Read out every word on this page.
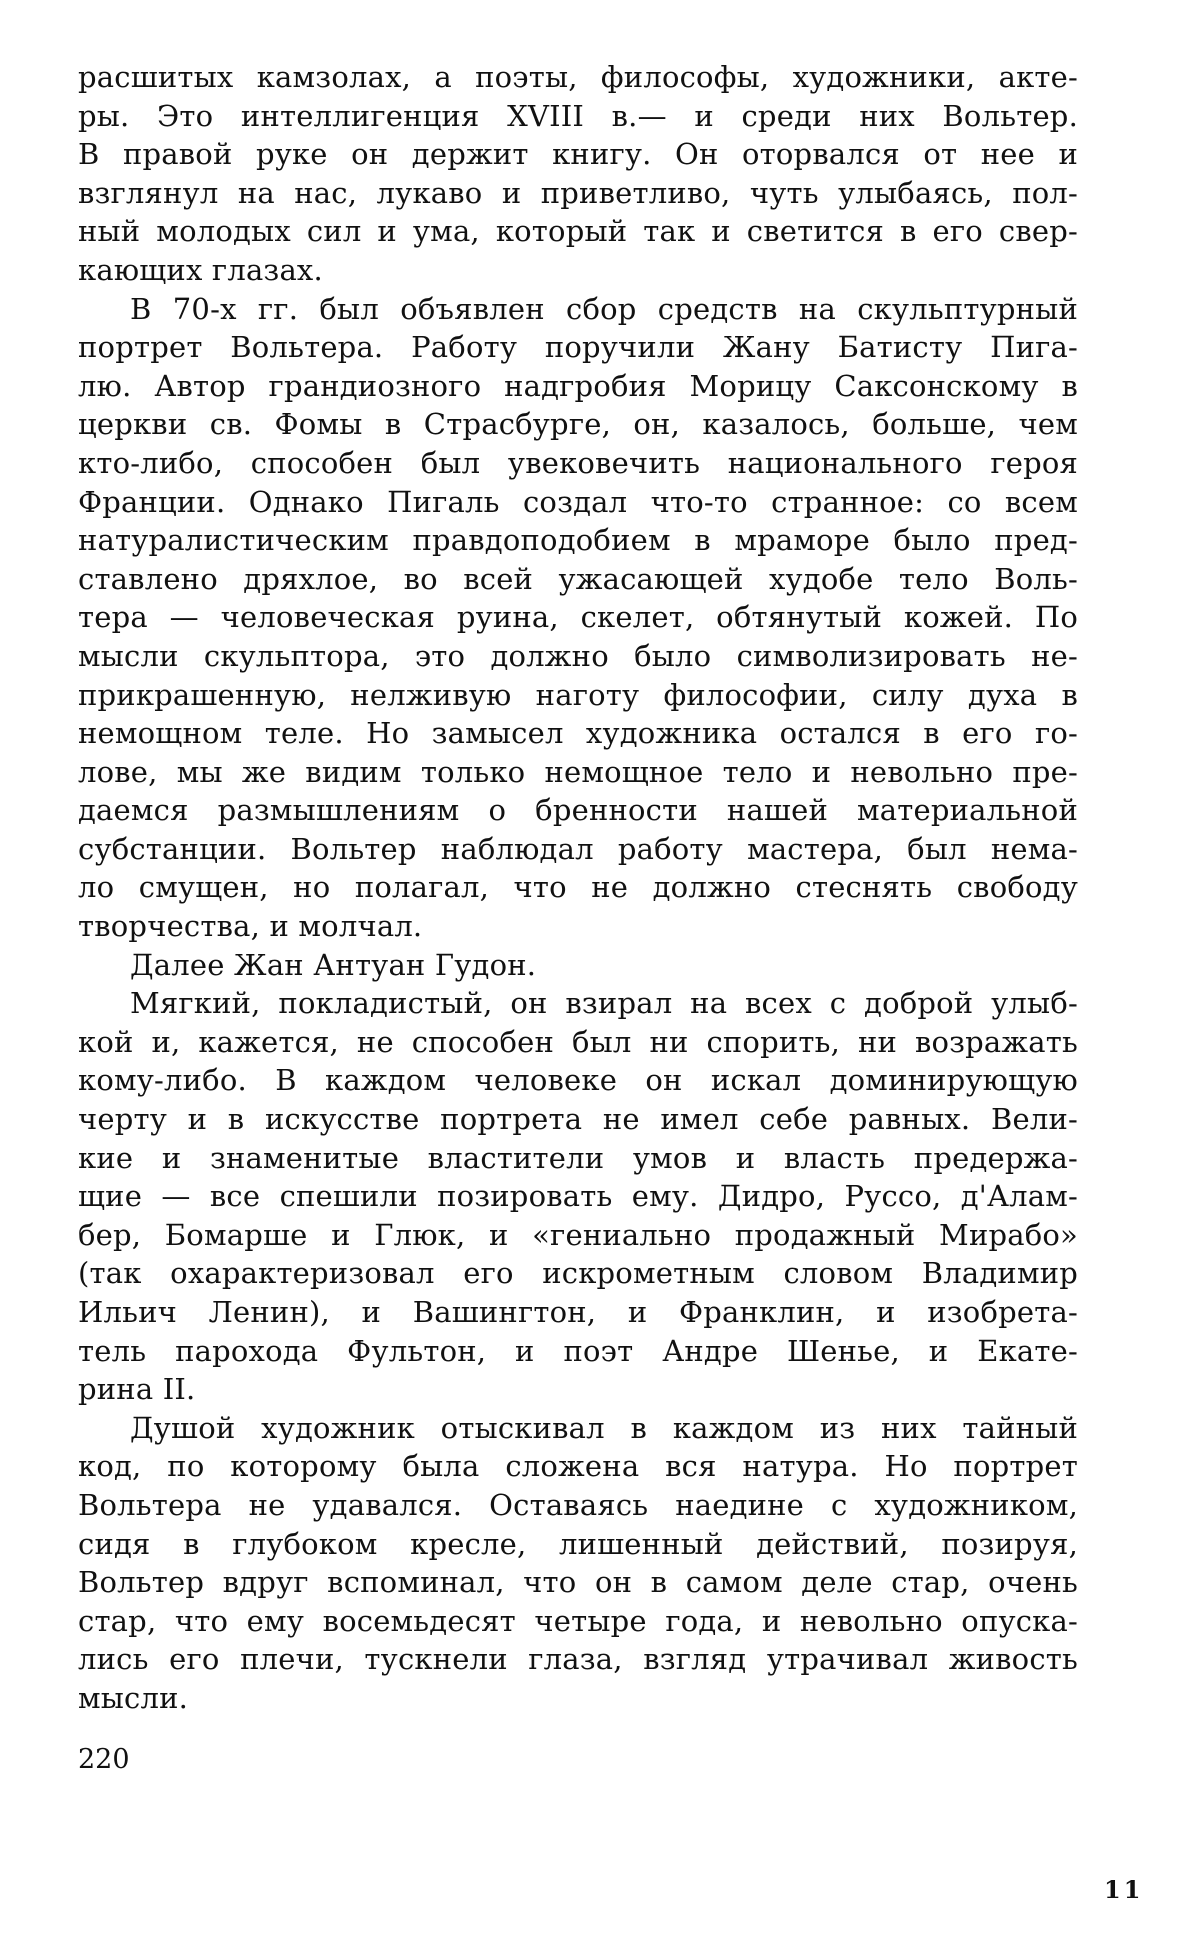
расшитых камзолах, а поэты, философы, художники, акте-
ры. Это интеллигенция XVIII в.— и среди них Вольтер.
В правой руке он держит книгу. Он оторвался от нее и
взглянул на нас, лукаво и приветливо, чуть улыбаясь, пол-
ный молодых сил и ума, который так и светится в его свер-
кающих глазах.
В 70-х гг. был объявлен сбор средств на скульптурный
портрет Вольтера. Работу поручили Жану Батисту Пига-
лю. Автор грандиозного надгробия Морицу Саксонскому в
церкви св. Фомы в Страсбурге, он, казалось, больше, чем
кто-либо, способен был увековечить национального героя
Франции. Однако Пигаль создал что-то странное: со всем
натуралистическим правдоподобием в мраморе было пред-
ставлено дряхлое, во всей ужасающей худобе тело Воль-
тера — человеческая руина, скелет, обтянутый кожей. По
мысли скульптора, это должно было символизировать не-
прикрашенную, нелживую наготу философии, силу духа в
немощном теле. Но замысел художника остался в его го-
лове, мы же видим только немощное тело и невольно пре-
даемся размышлениям о бренности нашей материальной
субстанции. Вольтер наблюдал работу мастера, был нема-
ло смущен, но полагал, что не должно стеснять свободу
творчества, и молчал.
Далее Жан Антуан Гудон.
Мягкий, покладистый, он взирал на всех с доброй улыб-
кой и, кажется, не способен был ни спорить, ни возражать
кому-либо. В каждом человеке он искал доминирующую
черту и в искусстве портрета не имел себе равных. Вели-
кие и знаменитые властители умов и власть предержа-
щие — все спешили позировать ему. Дидро, Руссо, д'Алам-
бер, Бомарше и Глюк, и «гениально продажный Мирабо»
(так охарактеризовал его искрометным словом Владимир
Ильич Ленин), и Вашингтон, и Франклин, и изобрета-
тель парохода Фультон, и поэт Андре Шенье, и Екате-
рина II.
Душой художник отыскивал в каждом из них тайный
код, по которому была сложена вся натура. Но портрет
Вольтера не удавался. Оставаясь наедине с художником,
сидя в глубоком кресле, лишенный действий, позируя,
Вольтер вдруг вспоминал, что он в самом деле стар, очень
стар, что ему восемьдесят четыре года, и невольно опуска-
лись его плечи, тускнели глаза, взгляд утрачивал живость
мысли.
220
11
